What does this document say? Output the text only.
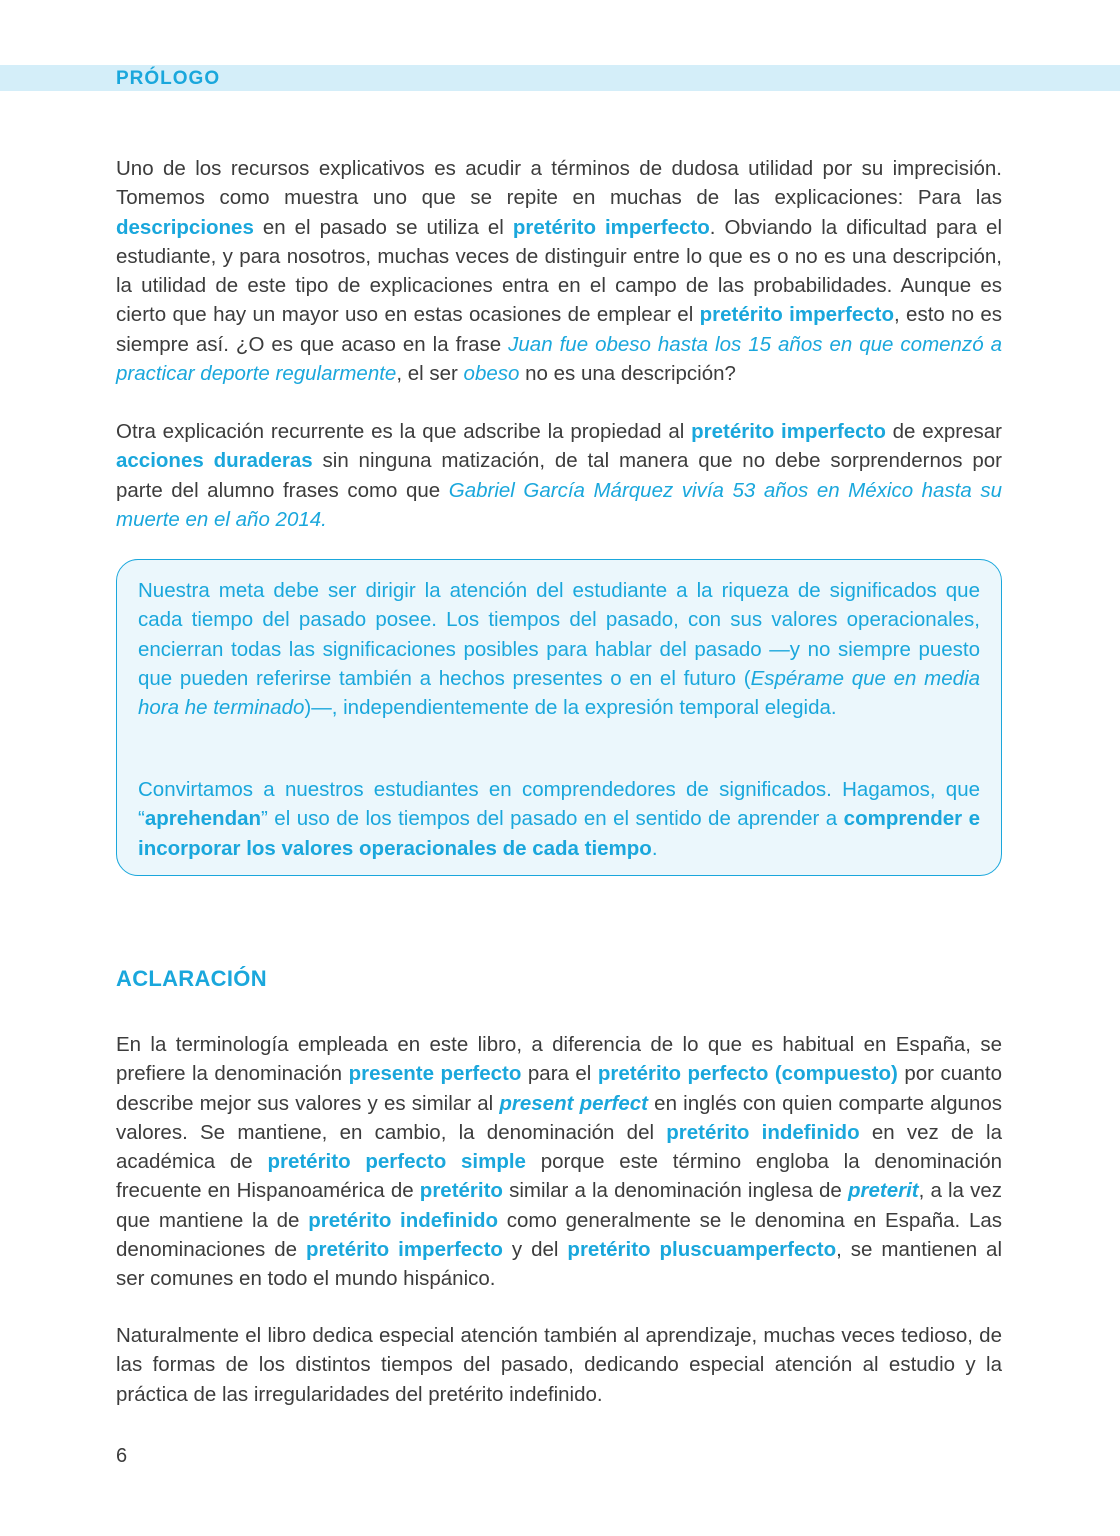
PRÓLOGO

Uno de los recursos explicativos es acudir a términos de dudosa utilidad por su imprecisión. Tomemos como muestra uno que se repite en muchas de las explicaciones: Para las descripciones en el pasado se utiliza el pretérito imperfecto. Obviando la dificultad para el estudiante, y para nosotros, muchas veces de distinguir entre lo que es o no es una descripción, la utilidad de este tipo de explicaciones entra en el campo de las probabilidades. Aunque es cierto que hay un mayor uso en estas ocasiones de emplear el pretérito imperfecto, esto no es siempre así. ¿O es que acaso en la frase Juan fue obeso hasta los 15 años en que comenzó a practicar deporte regularmente, el ser obeso no es una descripción?

Otra explicación recurrente es la que adscribe la propiedad al pretérito imperfecto de expresar acciones duraderas sin ninguna matización, de tal manera que no debe sorprendernos por parte del alumno frases como que Gabriel García Márquez vivía 53 años en México hasta su muerte en el año 2014.

Nuestra meta debe ser dirigir la atención del estudiante a la riqueza de significados que cada tiempo del pasado posee. Los tiempos del pasado, con sus valores operacionales, encierran todas las significaciones posibles para hablar del pasado —y no siempre puesto que pueden referirse también a hechos presentes o en el futuro (Espérame que en media hora he terminado)—, independientemente de la expresión temporal elegida.

Convirtamos a nuestros estudiantes en comprendedores de significados. Hagamos, que “aprehendan” el uso de los tiempos del pasado en el sentido de aprender a comprender e incorporar los valores operacionales de cada tiempo.

ACLARACIÓN

En la terminología empleada en este libro, a diferencia de lo que es habitual en España, se prefiere la denominación presente perfecto para el pretérito perfecto (compuesto) por cuanto describe mejor sus valores y es similar al present perfect en inglés con quien comparte algunos valores. Se mantiene, en cambio, la denominación del pretérito indefinido en vez de la académica de pretérito perfecto simple porque este término engloba la denominación frecuente en Hispanoamérica de pretérito similar a la denominación inglesa de preterit, a la vez que mantiene la de pretérito indefinido como generalmente se le denomina en España. Las denominaciones de pretérito imperfecto y del pretérito pluscuamperfecto, se mantienen al ser comunes en todo el mundo hispánico.

Naturalmente el libro dedica especial atención también al aprendizaje, muchas veces tedioso, de las formas de los distintos tiempos del pasado, dedicando especial atención al estudio y la práctica de las irregularidades del pretérito indefinido.

6
